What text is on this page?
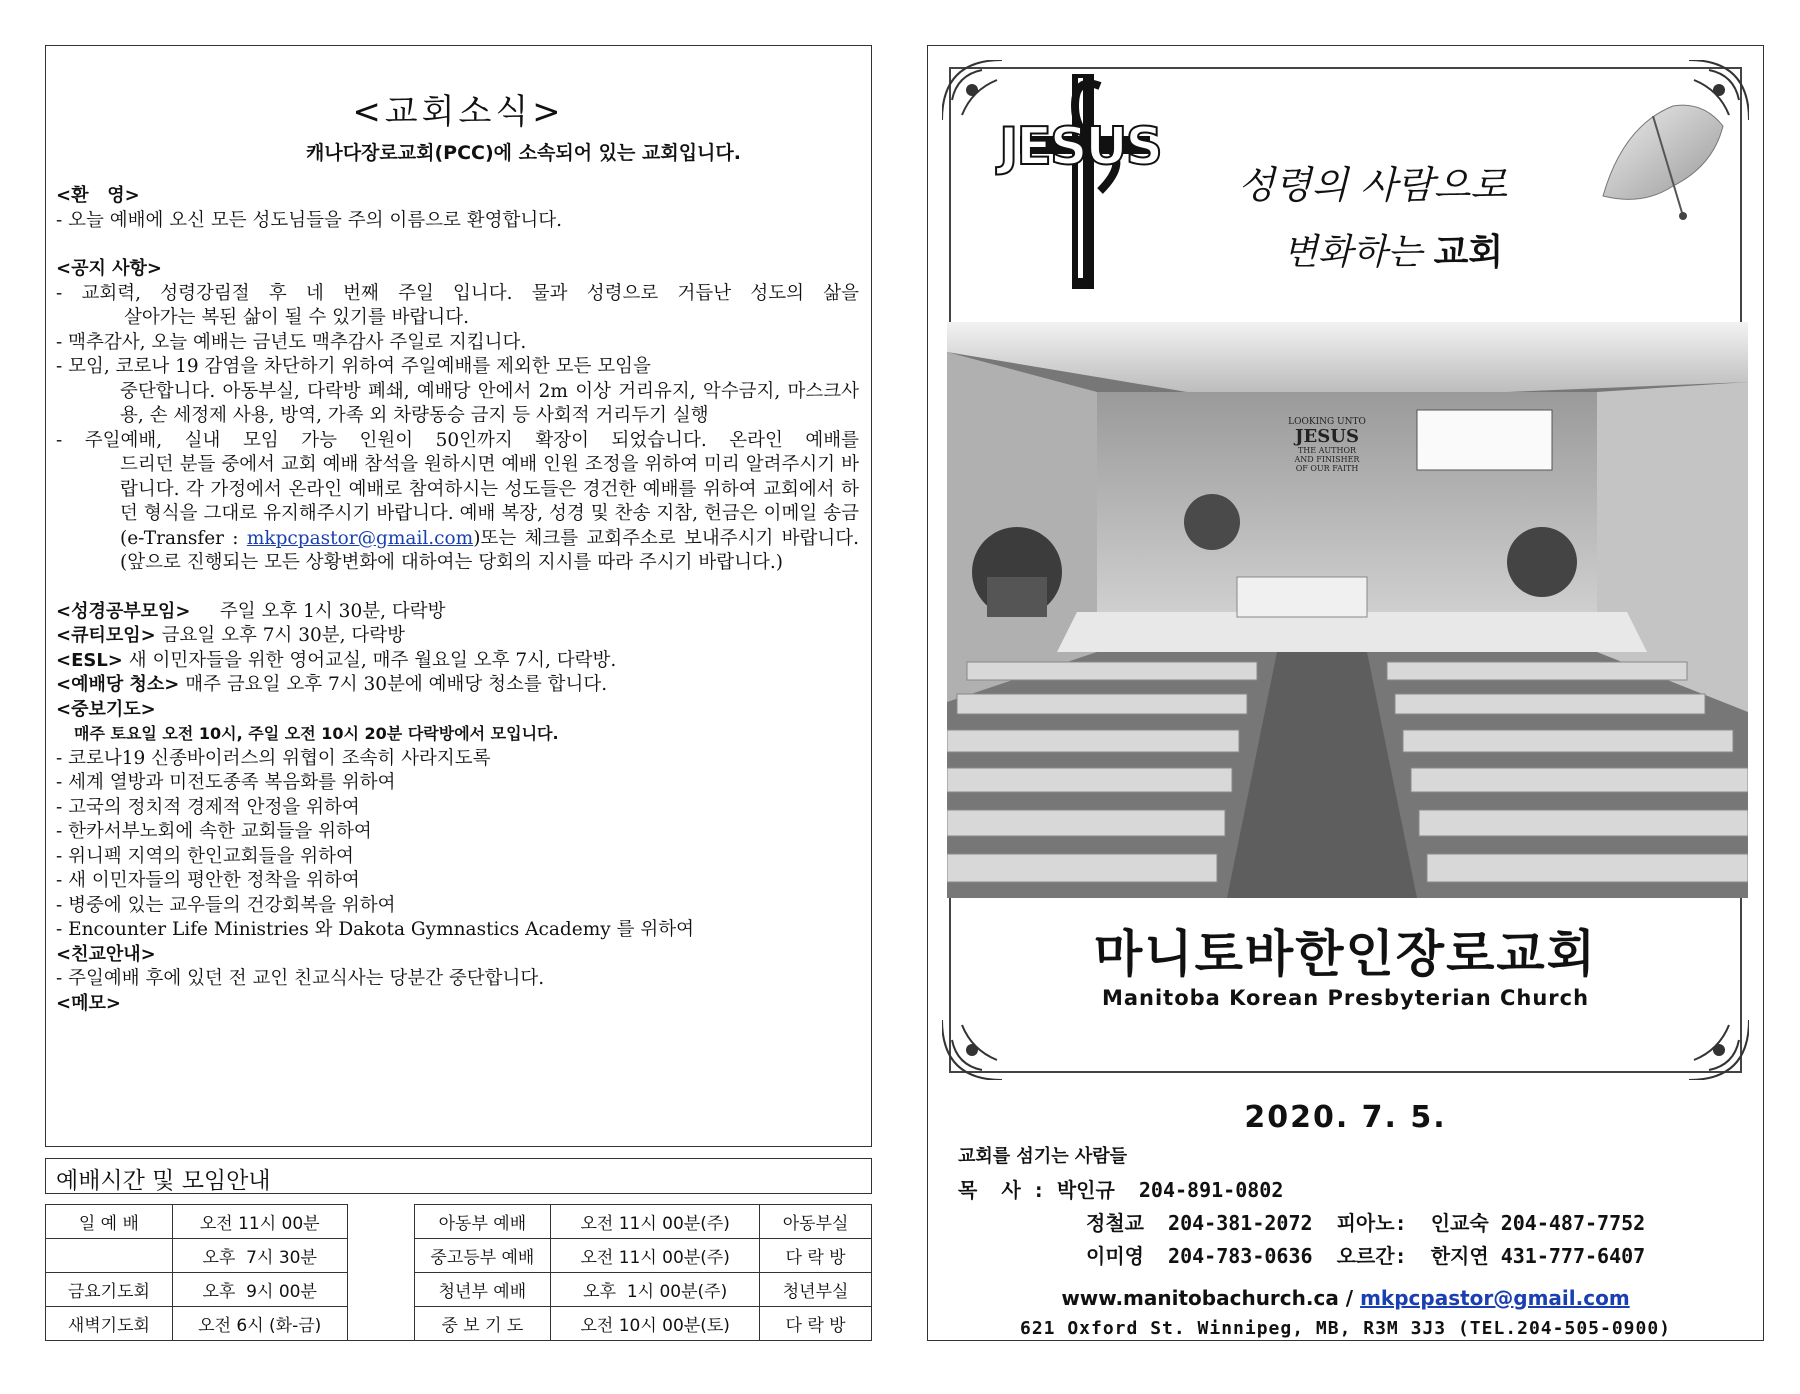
<교회소식>
캐나다장로교회(PCC)에 소속되어 있는 교회입니다.
<환   영>
- 오늘 예배에 오신 모든 성도님들을 주의 이름으로 환영합니다.
<공지 사항>
- 교회력, 성령강림절 후 네 번째 주일 입니다. 물과 성령으로 거듭난 성도의 삶을
살아가는 복된 삶이 될 수 있기를 바랍니다.
- 맥추감사, 오늘 예배는 금년도 맥추감사 주일로 지킵니다.
- 모임, 코로나 19 감염을 차단하기 위하여 주일예배를 제외한 모든 모임을
중단합니다. 아동부실, 다락방 폐쇄, 예배당 안에서 2m 이상 거리유지, 악수금지, 마스크사용, 손 세정제 사용, 방역, 가족 외 차량동승 금지 등 사회적 거리두기 실행
- 주일예배, 실내 모임 가능 인원이 50인까지 확장이 되었습니다. 온라인 예배를
드리던 분들 중에서 교회 예배 참석을 원하시면 예배 인원 조정을 위하여 미리 알려주시기 바랍니다. 각 가정에서 온라인 예배로 참여하시는 성도들은 경건한 예배를 위하여 교회에서 하던 형식을 그대로 유지해주시기 바랍니다. 예배 복장, 성경 및 찬송 지참, 헌금은 이메일 송금 (e-Transfer : mkpcpastor@gmail.com)또는 체크를 교회주소로 보내주시기 바랍니다. (앞으로 진행되는 모든 상황변화에 대하여는 당회의 지시를 따라 주시기 바랍니다.)
<성경공부모임>     주일 오후 1시 30분, 다락방
<큐티모임> 금요일 오후 7시 30분, 다락방
<ESL> 새 이민자들을 위한 영어교실, 매주 월요일 오후 7시, 다락방.
<예배당 청소> 매주 금요일 오후 7시 30분에 예배당 청소를 합니다.
<중보기도>
매주 토요일 오전 10시, 주일 오전 10시 20분 다락방에서 모입니다.
- 코로나19 신종바이러스의 위협이 조속히 사라지도록
- 세계 열방과 미전도종족 복음화를 위하여
- 고국의 정치적 경제적 안정을 위하여
- 한카서부노회에 속한 교회들을 위하여
- 위니펙 지역의 한인교회들을 위하여
- 새 이민자들의 평안한 정착을 위하여
- 병중에 있는 교우들의 건강회복을 위하여
- Encounter Life Ministries 와 Dakota Gymnastics Academy 를 위하여
<친교안내>
- 주일예배 후에 있던 전 교인 친교식사는 당분간 중단합니다.
<메모>
예배시간 및 모임안내
일 예 배	오전 11시 00분		아동부 예배	오전 11시 00분(주)	아동부실
	오후  7시 30분		중고등부 예배	오전 11시 00분(주)	다 락 방
금요기도회	오후  9시 00분		청년부 예배	오후  1시 00분(주)	청년부실
새벽기도회	오전 6시 (화-금)		중 보 기 도	오전 10시 00분(토)	다 락 방
JESUS
성령의 사람으로
변화하는 교회
LOOKING UNTO
JESUS
THE AUTHOR
AND FINISHER
OF OUR FAITH
마니토바한인장로교회
Manitoba Korean Presbyterian Church
2020. 7. 5.
교회를 섬기는 사람들
목  사 : 박인규  204-891-0802
정철교  204-381-2072  피아노:  인교숙 204-487-7752
이미영  204-783-0636  오르간:  한지연 431-777-6407
www.manitobachurch.ca / mkpcpastor@gmail.com
621 Oxford St. Winnipeg, MB, R3M 3J3 (TEL.204-505-0900)
